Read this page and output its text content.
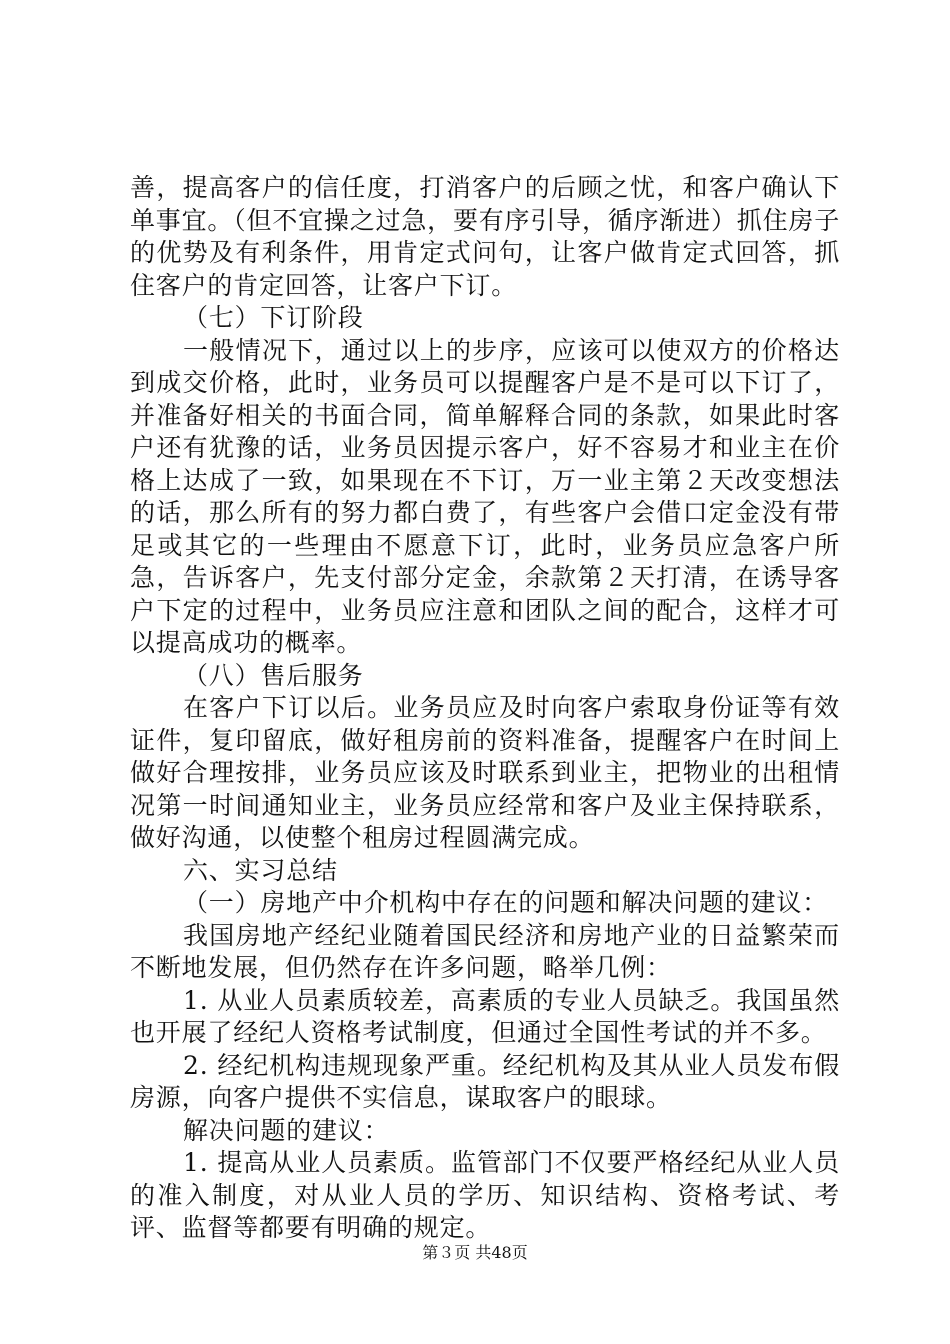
善，提高客户的信任度，打消客户的后顾之忧，和客户确认下单事宜。（但不宜操之过急，要有序引导，循序渐进）抓住房子的优势及有利条件，用肯定式问句，让客户做肯定式回答，抓住客户的肯定回答，让客户下订。

（七）下订阶段

一般情况下，通过以上的步序，应该可以使双方的价格达到成交价格，此时，业务员可以提醒客户是不是可以下订了，并准备好相关的书面合同，简单解释合同的条款，如果此时客户还有犹豫的话，业务员因提示客户，好不容易才和业主在价格上达成了一致，如果现在不下订，万一业主第２天改变想法的话，那么所有的努力都白费了，有些客户会借口定金没有带足或其它的一些理由不愿意下订，此时，业务员应急客户所急，告诉客户，先支付部分定金，余款第２天打清，在诱导客户下定的过程中，业务员应注意和团队之间的配合，这样才可以提高成功的概率。

（八）售后服务

在客户下订以后。业务员应及时向客户索取身份证等有效证件，复印留底，做好租房前的资料准备，提醒客户在时间上做好合理按排，业务员应该及时联系到业主，把物业的出租情况第一时间通知业主，业务员应经常和客户及业主保持联系，做好沟通，以使整个租房过程圆满完成。

六、实习总结

（一）房地产中介机构中存在的问题和解决问题的建议：

我国房地产经纪业随着国民经济和房地产业的日益繁荣而不断地发展，但仍然存在许多问题，略举几例：

1. 从业人员素质较差，高素质的专业人员缺乏。我国虽然也开展了经纪人资格考试制度，但通过全国性考试的并不多。

2. 经纪机构违规现象严重。经纪机构及其从业人员发布假房源，向客户提供不实信息，谋取客户的眼球。

解决问题的建议：

1. 提高从业人员素质。监管部门不仅要严格经纪从业人员的准入制度，对从业人员的学历、知识结构、资格考试、考评、监督等都要有明确的规定。

第３页 共48页
